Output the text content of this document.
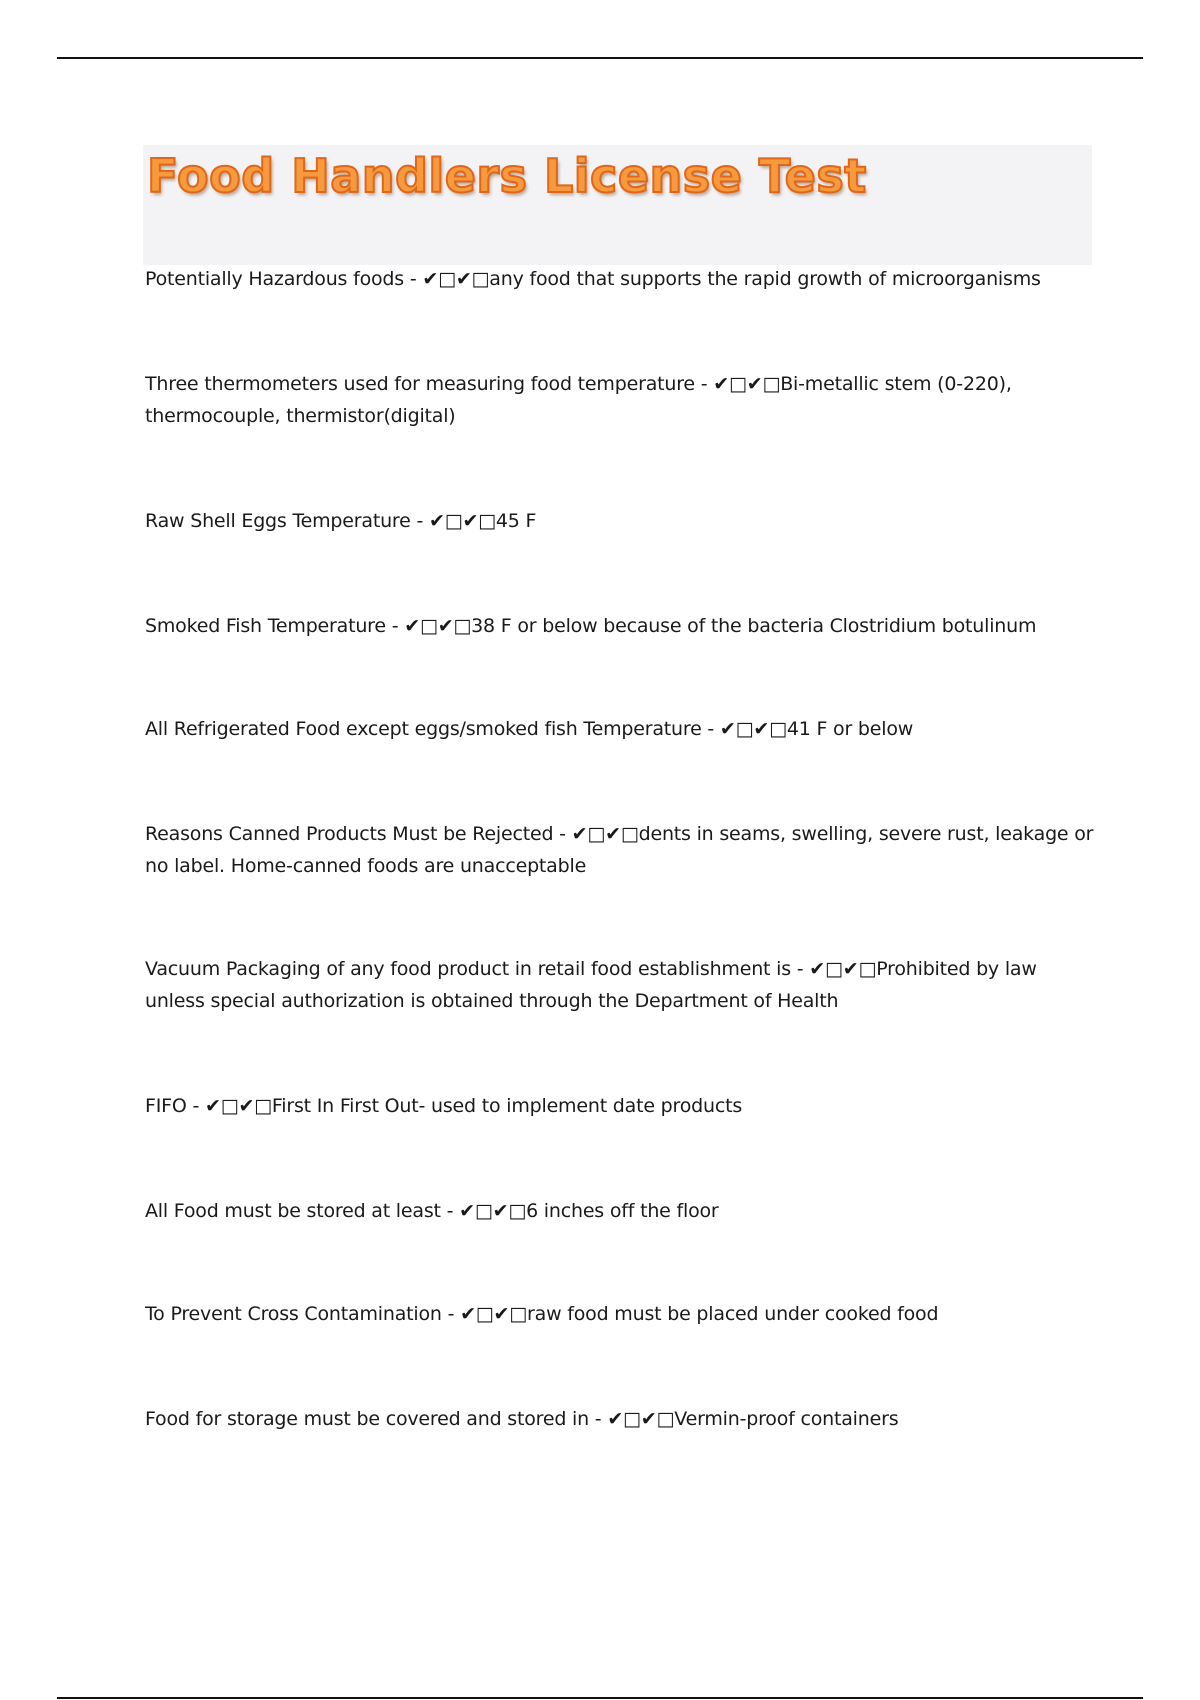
Food Handlers License Test
Potentially Hazardous foods - ✔□✔□any food that supports the rapid growth of microorganisms
Three thermometers used for measuring food temperature - ✔□✔□Bi-metallic stem (0-220), thermocouple, thermistor(digital)
Raw Shell Eggs Temperature - ✔□✔□45 F
Smoked Fish Temperature - ✔□✔□38 F or below because of the bacteria Clostridium botulinum
All Refrigerated Food except eggs/smoked fish Temperature - ✔□✔□41 F or below
Reasons Canned Products Must be Rejected - ✔□✔□dents in seams, swelling, severe rust, leakage or no label. Home-canned foods are unacceptable
Vacuum Packaging of any food product in retail food establishment is - ✔□✔□Prohibited by law unless special authorization is obtained through the Department of Health
FIFO - ✔□✔□First In First Out- used to implement date products
All Food must be stored at least - ✔□✔□6 inches off the floor
To Prevent Cross Contamination - ✔□✔□raw food must be placed under cooked food
Food for storage must be covered and stored in - ✔□✔□Vermin-proof containers
